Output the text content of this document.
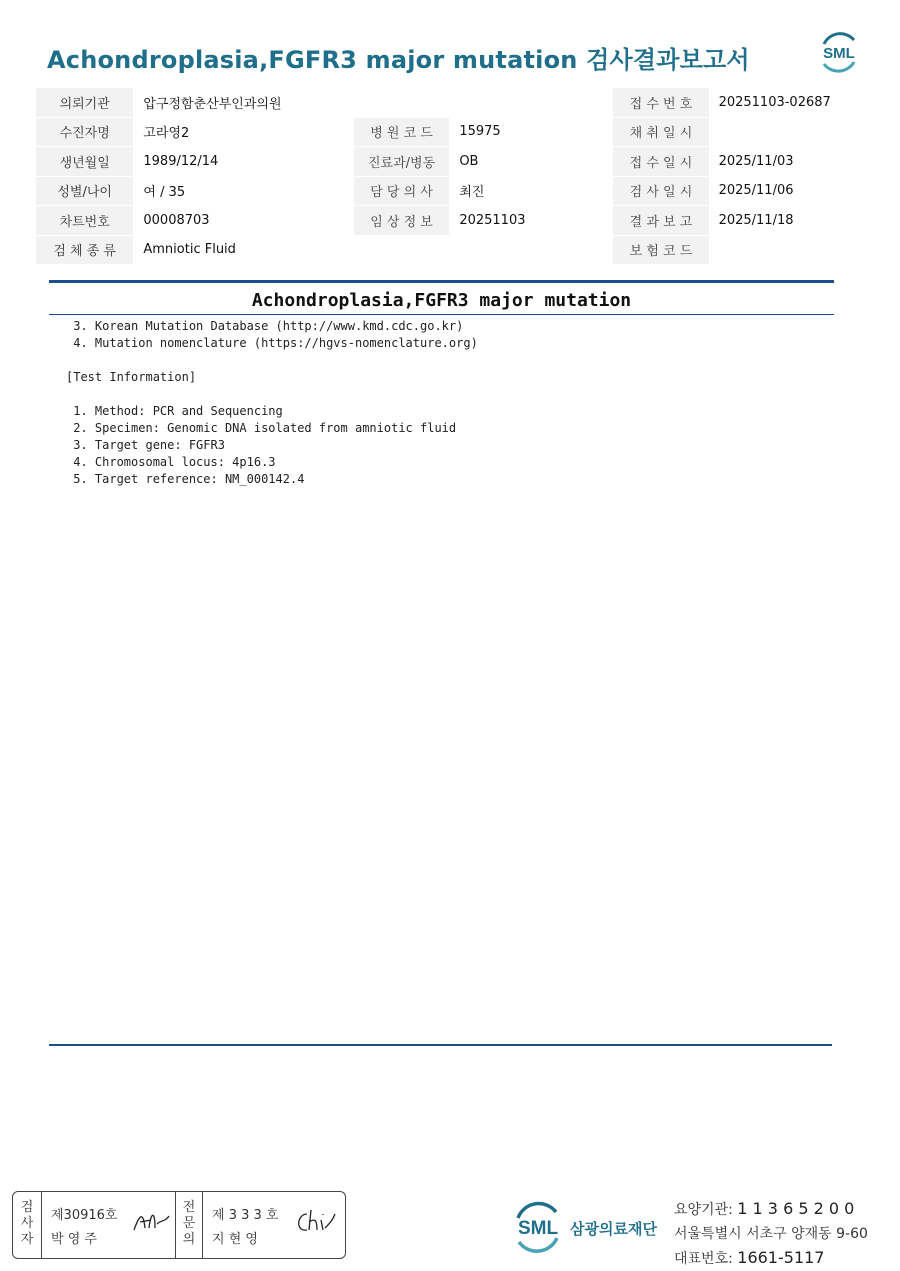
Achondroplasia,FGFR3 major mutation 검사결과보고서	SML
의뢰기관	압구정함춘산부인과의원			접 수 번 호	20251103-02687
수진자명	고라영2	병 원 코 드	15975	채 취 일 시	
생년월일	1989/12/14	진료과/병동	OB	접 수 일 시	2025/11/03
성별/나이	여 / 35	담 당 의 사	최진	검 사 일 시	2025/11/06
차트번호	00008703	임 상 정 보	20251103	결 과 보 고	2025/11/18
검 체 종 류	Amniotic Fluid			보 험 코 드	
Achondroplasia,FGFR3 major mutation
3. Korean Mutation Database (http://www.kmd.cdc.go.kr)
4. Mutation nomenclature (https://hgvs-nomenclature.org)
[Test Information]
1. Method: PCR and Sequencing
2. Specimen: Genomic DNA isolated from amniotic fluid
3. Target gene: FGFR3
4. Chromosomal locus: 4p16.3
5. Target reference: NM_000142.4
검
사
자
제30916호
박 영 주
전
문
의
제 3 3 3 호
지 현 영
SML 삼광의료재단
요양기관: 1 1 3 6 5 2 0 0
서울특별시 서초구 양재동 9-60
대표번호: 1661-5117
